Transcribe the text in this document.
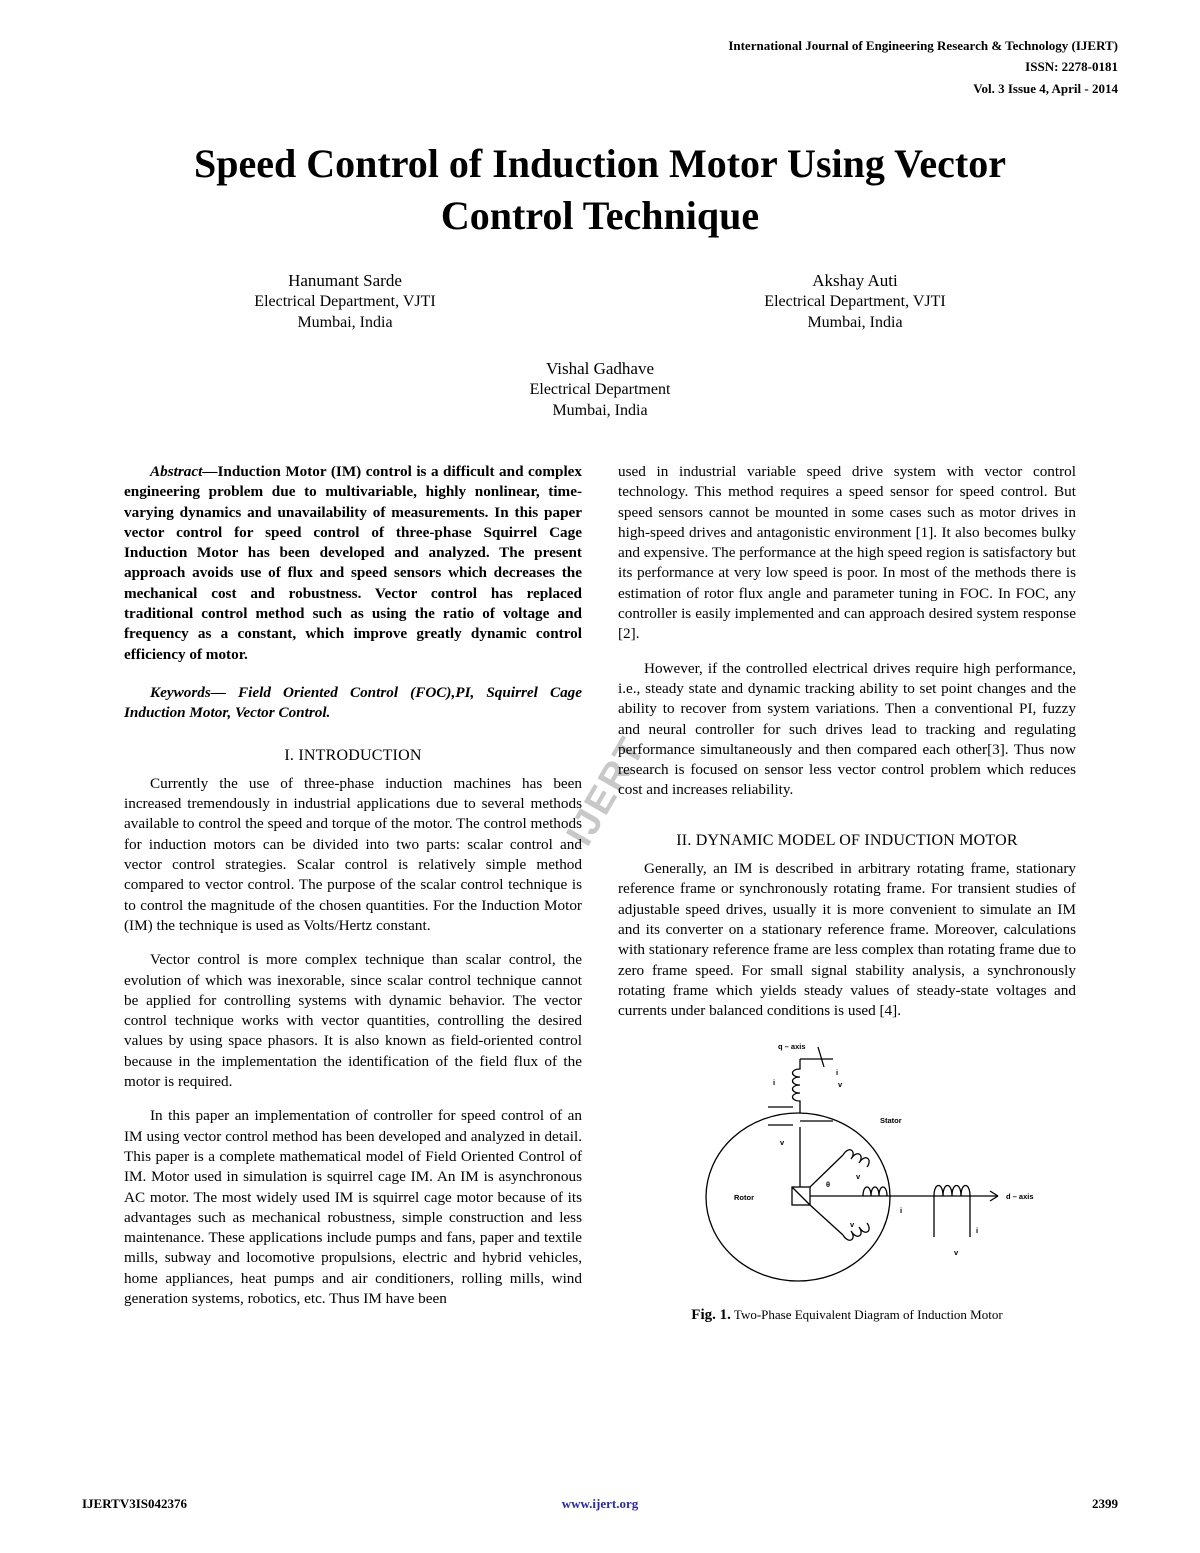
International Journal of Engineering Research & Technology (IJERT)
ISSN: 2278-0181
Vol. 3 Issue 4, April - 2014
Speed Control of Induction Motor Using Vector
Control Technique
Hanumant Sarde
Electrical Department, VJTI
Mumbai, India
Akshay Auti
Electrical Department, VJTI
Mumbai, India
Vishal Gadhave
Electrical Department
Mumbai, India
IJERT

Abstract—Induction Motor (IM) control is a difficult and complex engineering problem due to multivariable, highly nonlinear, time-varying dynamics and unavailability of measurements. In this paper vector control for speed control of three-phase Squirrel Cage Induction Motor has been developed and analyzed. The present approach avoids use of flux and speed sensors which decreases the mechanical cost and robustness. Vector control has replaced traditional control method such as using the ratio of voltage and frequency as a constant, which improve greatly dynamic control efficiency of motor.

Keywords— Field Oriented Control (FOC),PI, Squirrel Cage Induction Motor, Vector Control.

I. INTRODUCTION

Currently the use of three-phase induction machines has been increased tremendously in industrial applications due to several methods available to control the speed and torque of the motor. The control methods for induction motors can be divided into two parts: scalar control and vector control strategies. Scalar control is relatively simple method compared to vector control. The purpose of the scalar control technique is to control the magnitude of the chosen quantities. For the Induction Motor (IM) the technique is used as Volts/Hertz constant.

Vector control is more complex technique than scalar control, the evolution of which was inexorable, since scalar control technique cannot be applied for controlling systems with dynamic behavior. The vector control technique works with vector quantities, controlling the desired values by using space phasors. It is also known as field-oriented control because in the implementation the identification of the field flux of the motor is required.

In this paper an implementation of controller for speed control of an IM using vector control method has been developed and analyzed in detail. This paper is a complete mathematical model of Field Oriented Control of IM. Motor used in simulation is squirrel cage IM. An IM is asynchronous AC motor. The most widely used IM is squirrel cage motor because of its advantages such as mechanical robustness, simple construction and less maintenance. These applications include pumps and fans, paper and textile mills, subway and locomotive propulsions, electric and hybrid vehicles, home appliances, heat pumps and air conditioners, rolling mills, wind generation systems, robotics, etc. Thus IM have been

used in industrial variable speed drive system with vector control technology. This method requires a speed sensor for speed control. But speed sensors cannot be mounted in some cases such as motor drives in high-speed drives and antagonistic environment [1]. It also becomes bulky and expensive. The performance at the high speed region is satisfactory but its performance at very low speed is poor. In most of the methods there is estimation of rotor flux angle and parameter tuning in FOC. In FOC, any controller is easily implemented and can approach desired system response [2].

However, if the controlled electrical drives require high performance, i.e., steady state and dynamic tracking ability to set point changes and the ability to recover from system variations. Then a conventional PI, fuzzy and neural controller for such drives lead to tracking and regulating performance simultaneously and then compared each other[3]. Thus now research is focused on sensor less vector control problem which reduces cost and increases reliability.

II. DYNAMIC MODEL OF INDUCTION MOTOR

Generally, an IM is described in arbitrary rotating frame, stationary reference frame or synchronously rotating frame. For transient studies of adjustable speed drives, usually it is more convenient to simulate an IM and its converter on a stationary reference frame. Moreover, calculations with stationary reference frame are less complex than rotating frame due to zero frame speed. For small signal stability analysis, a synchronously rotating frame which yields steady values of steady-state voltages and currents under balanced conditions is used [4].

q – axis
Stator
Rotor	d – axis
i
i
v
v
θ
v
v
v
i
i
Fig. 1. Two-Phase Equivalent Diagram of Induction Motor
IJERTV3IS042376	www.ijert.org	2399
